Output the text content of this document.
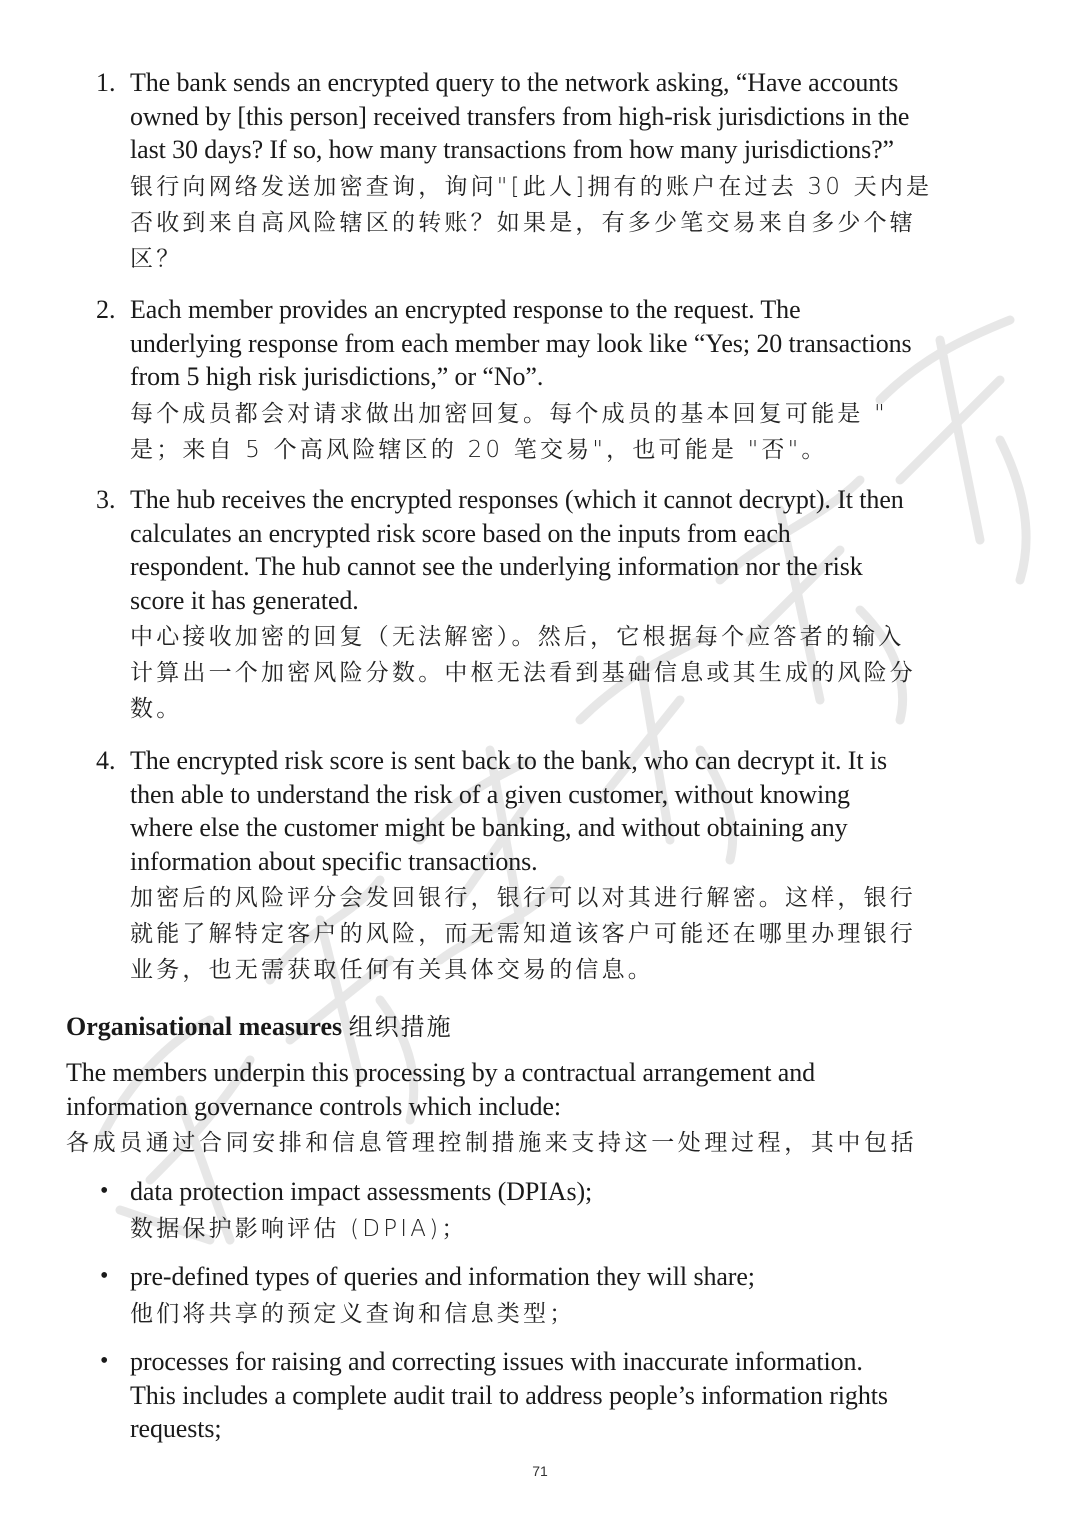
1. The bank sends an encrypted query to the network asking, “Have accounts
owned by [this person] received transfers from high-risk jurisdictions in the
last 30 days? If so, how many transactions from how many jurisdictions?”
银行向网络发送加密查询，询问"[此人]拥有的账户在过去 30 天内是
否收到来自高风险辖区的转账？如果是，有多少笔交易来自多少个辖
区？
2. Each member provides an encrypted response to the request. The
underlying response from each member may look like “Yes; 20 transactions
from 5 high risk jurisdictions,” or “No”.
每个成员都会对请求做出加密回复。每个成员的基本回复可能是 "
是；来自 5 个高风险辖区的 20 笔交易"，也可能是 "否"。
3. The hub receives the encrypted responses (which it cannot decrypt). It then
calculates an encrypted risk score based on the inputs from each
respondent. The hub cannot see the underlying information nor the risk
score it has generated.
中心接收加密的回复（无法解密）。然后，它根据每个应答者的输入
计算出一个加密风险分数。中枢无法看到基础信息或其生成的风险分
数。
4. The encrypted risk score is sent back to the bank, who can decrypt it. It is
then able to understand the risk of a given customer, without knowing
where else the customer might be banking, and without obtaining any
information about specific transactions.
加密后的风险评分会发回银行，银行可以对其进行解密。这样，银行
就能了解特定客户的风险，而无需知道该客户可能还在哪里办理银行
业务，也无需获取任何有关具体交易的信息。
Organisational measures 组织措施
The members underpin this processing by a contractual arrangement and
information governance controls which include:
各成员通过合同安排和信息管理控制措施来支持这一处理过程，其中包括
• data protection impact assessments (DPIAs);
数据保护影响评估 (DPIA)；
• pre-defined types of queries and information they will share;
他们将共享的预定义查询和信息类型；
• processes for raising and correcting issues with inaccurate information.
This includes a complete audit trail to address people’s information rights
requests;
71
